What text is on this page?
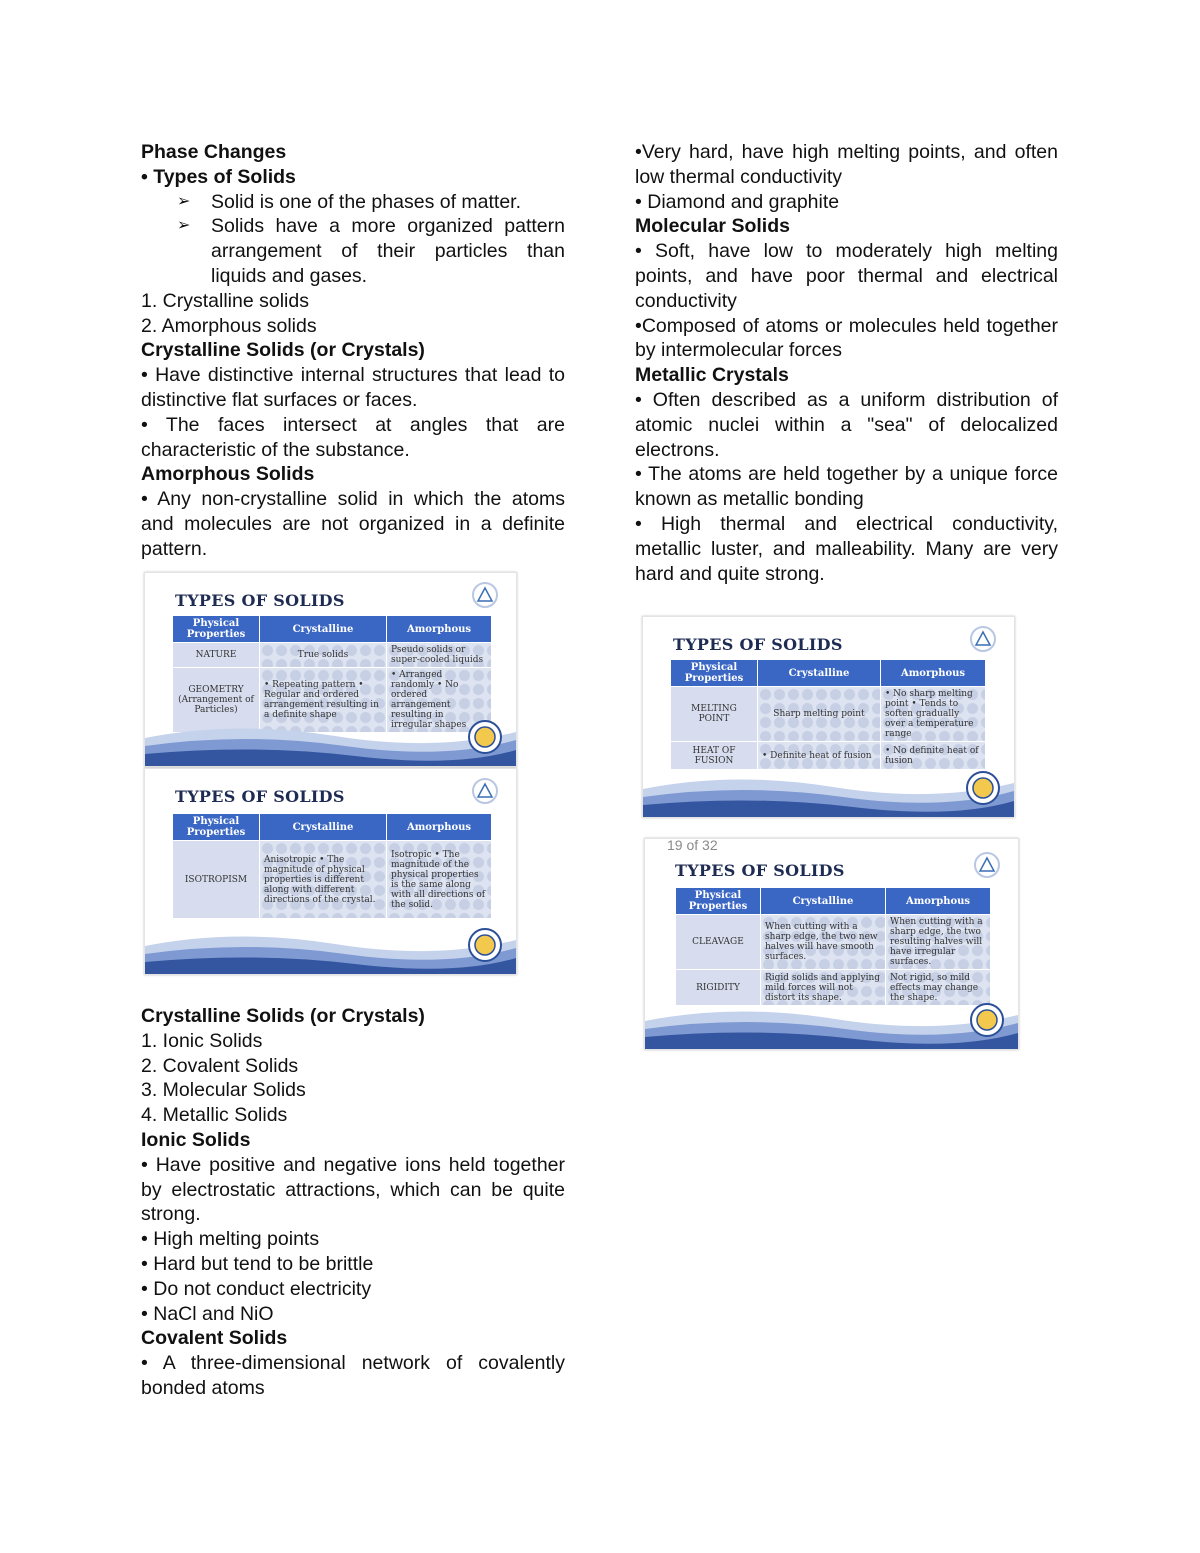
Phase Changes

• Types of Solids

➢	Solid is one of the phases of matter.
➢	Solids have a more organized pattern arrangement of their particles than liquids and gases.

1. Crystalline solids

2. Amorphous solids

Crystalline Solids (or Crystals)

• Have distinctive internal structures that lead to distinctive flat surfaces or faces.

• The faces intersect at angles that are characteristic of the substance.

Amorphous Solids

• Any non-crystalline solid in which the atoms and molecules are not organized in a definite pattern.

Crystalline Solids (or Crystals)

1. Ionic Solids

2. Covalent Solids

3. Molecular Solids

4. Metallic Solids

Ionic Solids

• Have positive and negative ions held together by electrostatic attractions, which can be quite strong.

• High melting points

• Hard but tend to be brittle

• Do not conduct electricity

• NaCl and NiO

Covalent Solids

• A three-dimensional network of covalently bonded atoms

•Very hard, have high melting points, and often low thermal conductivity

• Diamond and graphite

Molecular Solids

• Soft, have low to moderately high melting points, and have poor thermal and electrical conductivity

•Composed of atoms or molecules held together by intermolecular forces

Metallic Crystals

• Often described as a uniform distribution of atomic nuclei within a "sea" of delocalized electrons.

• The atoms are held together by a unique force known as metallic bonding

• High thermal and electrical conductivity, metallic luster, and malleability. Many are very hard and quite strong.

TYPES OF SOLIDS
Physical Properties	Crystalline	Amorphous
NATURE	True solids	Pseudo solids or super-cooled liquids
GEOMETRY (Arrangement of Particles)	• Repeating pattern • Regular and ordered arrangement resulting in a definite shape	• Arranged randomly • No ordered arrangement resulting in irregular shapes
TYPES OF SOLIDS
Physical Properties	Crystalline	Amorphous
ISOTROPISM	Anisotropic • The magnitude of physical properties is different along with different directions of the crystal.	Isotropic • The magnitude of the physical properties is the same along with all directions of the solid.
TYPES OF SOLIDS
Physical Properties	Crystalline	Amorphous
MELTING POINT	Sharp melting point	• No sharp melting point • Tends to soften gradually over a temperature range
HEAT OF FUSION	• Definite heat of fusion	• No definite heat of fusion
19 of 32
TYPES OF SOLIDS
Physical Properties	Crystalline	Amorphous
CLEAVAGE	When cutting with a sharp edge, the two new halves will have smooth surfaces.	When cutting with a sharp edge, the two resulting halves will have irregular surfaces.
RIGIDITY	Rigid solids and applying mild forces will not distort its shape.	Not rigid, so mild effects may change the shape.
